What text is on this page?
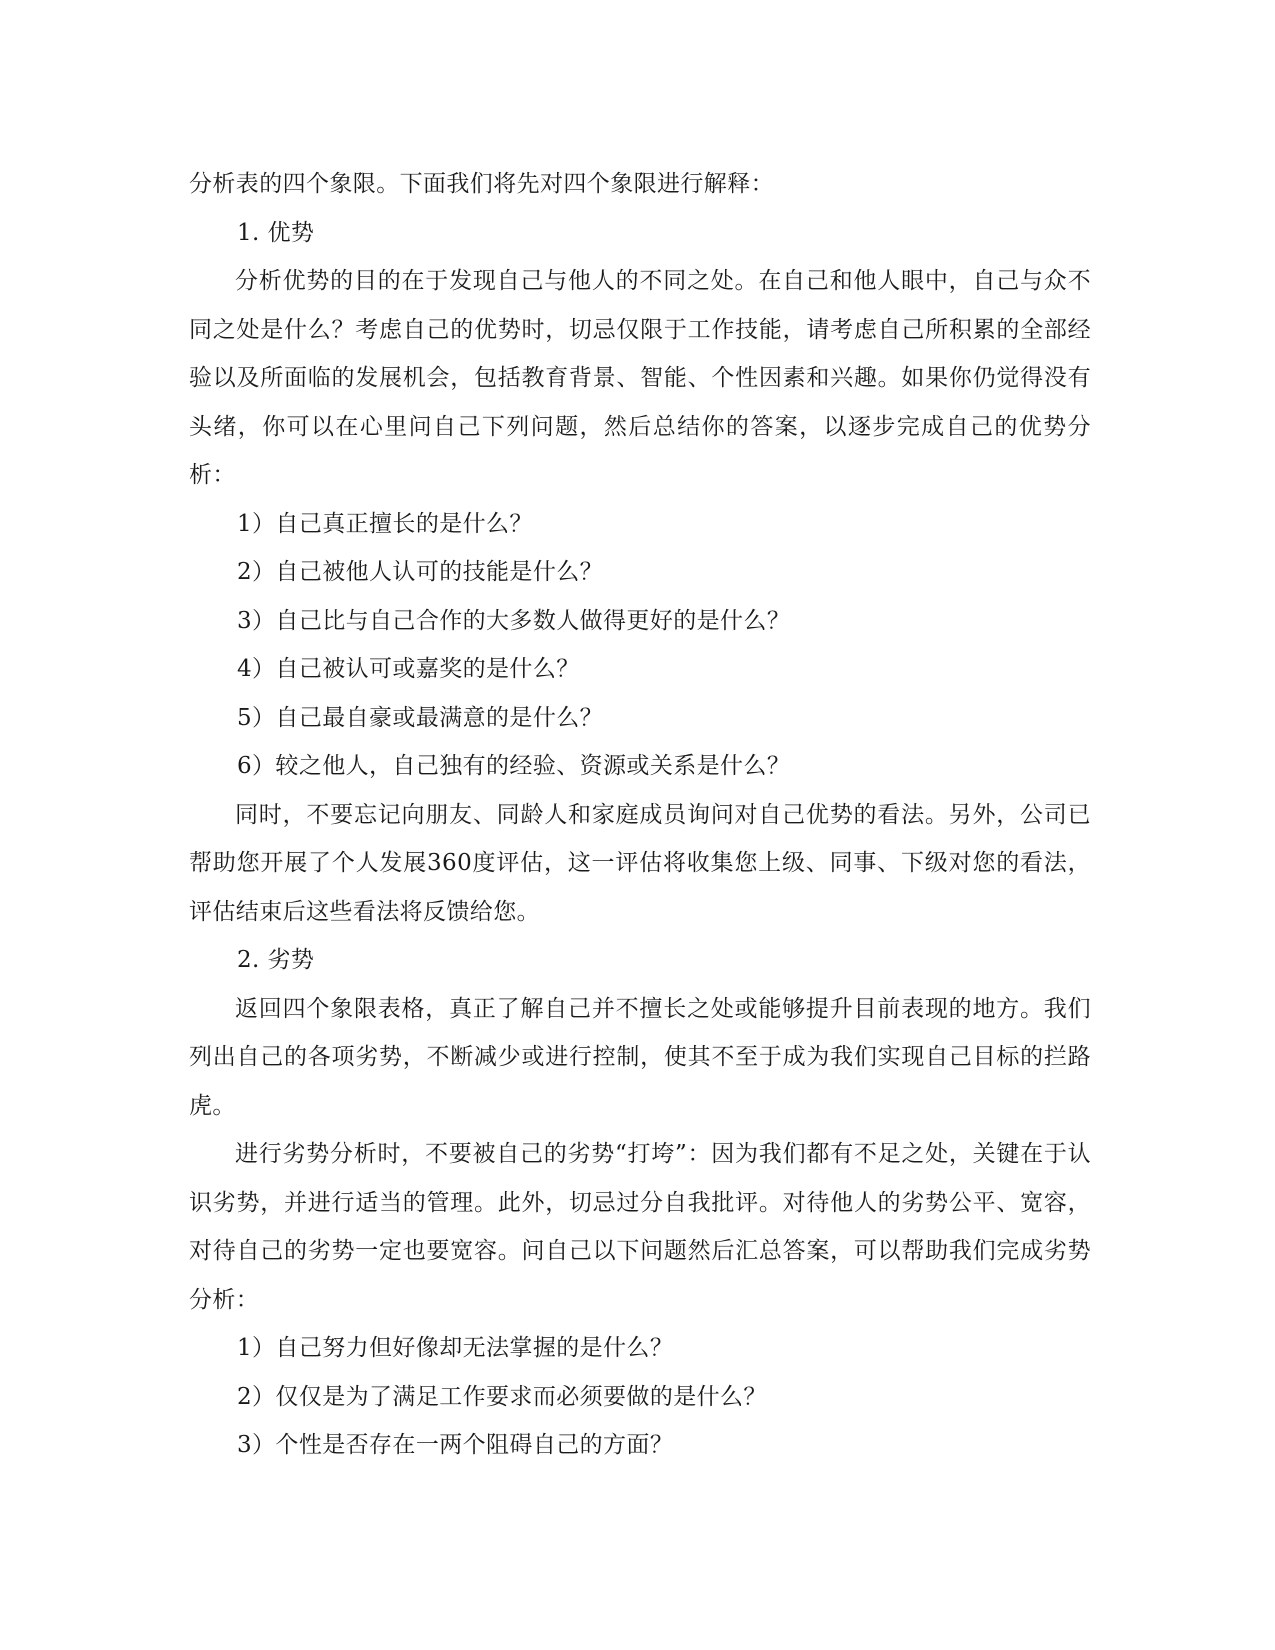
分析表的四个象限。下面我们将先对四个象限进行解释：

1. 优势

分析优势的目的在于发现自己与他人的不同之处。在自己和他人眼中，自己与众不同之处是什么？考虑自己的优势时，切忌仅限于工作技能，请考虑自己所积累的全部经验以及所面临的发展机会，包括教育背景、智能、个性因素和兴趣。如果你仍觉得没有头绪，你可以在心里问自己下列问题，然后总结你的答案，以逐步完成自己的优势分析：

1）自己真正擅长的是什么？

2）自己被他人认可的技能是什么？

3）自己比与自己合作的大多数人做得更好的是什么？

4）自己被认可或嘉奖的是什么？

5）自己最自豪或最满意的是什么？

6）较之他人，自己独有的经验、资源或关系是什么？

同时，不要忘记向朋友、同龄人和家庭成员询问对自己优势的看法。另外，公司已帮助您开展了个人发展360度评估，这一评估将收集您上级、同事、下级对您的看法，评估结束后这些看法将反馈给您。

2. 劣势

返回四个象限表格，真正了解自己并不擅长之处或能够提升目前表现的地方。我们列出自己的各项劣势，不断减少或进行控制，使其不至于成为我们实现自己目标的拦路虎。

进行劣势分析时，不要被自己的劣势“打垮”：因为我们都有不足之处，关键在于认识劣势，并进行适当的管理。此外，切忌过分自我批评。对待他人的劣势公平、宽容，对待自己的劣势一定也要宽容。问自己以下问题然后汇总答案，可以帮助我们完成劣势分析：

1）自己努力但好像却无法掌握的是什么？

2）仅仅是为了满足工作要求而必须要做的是什么？

3）个性是否存在一两个阻碍自己的方面？
